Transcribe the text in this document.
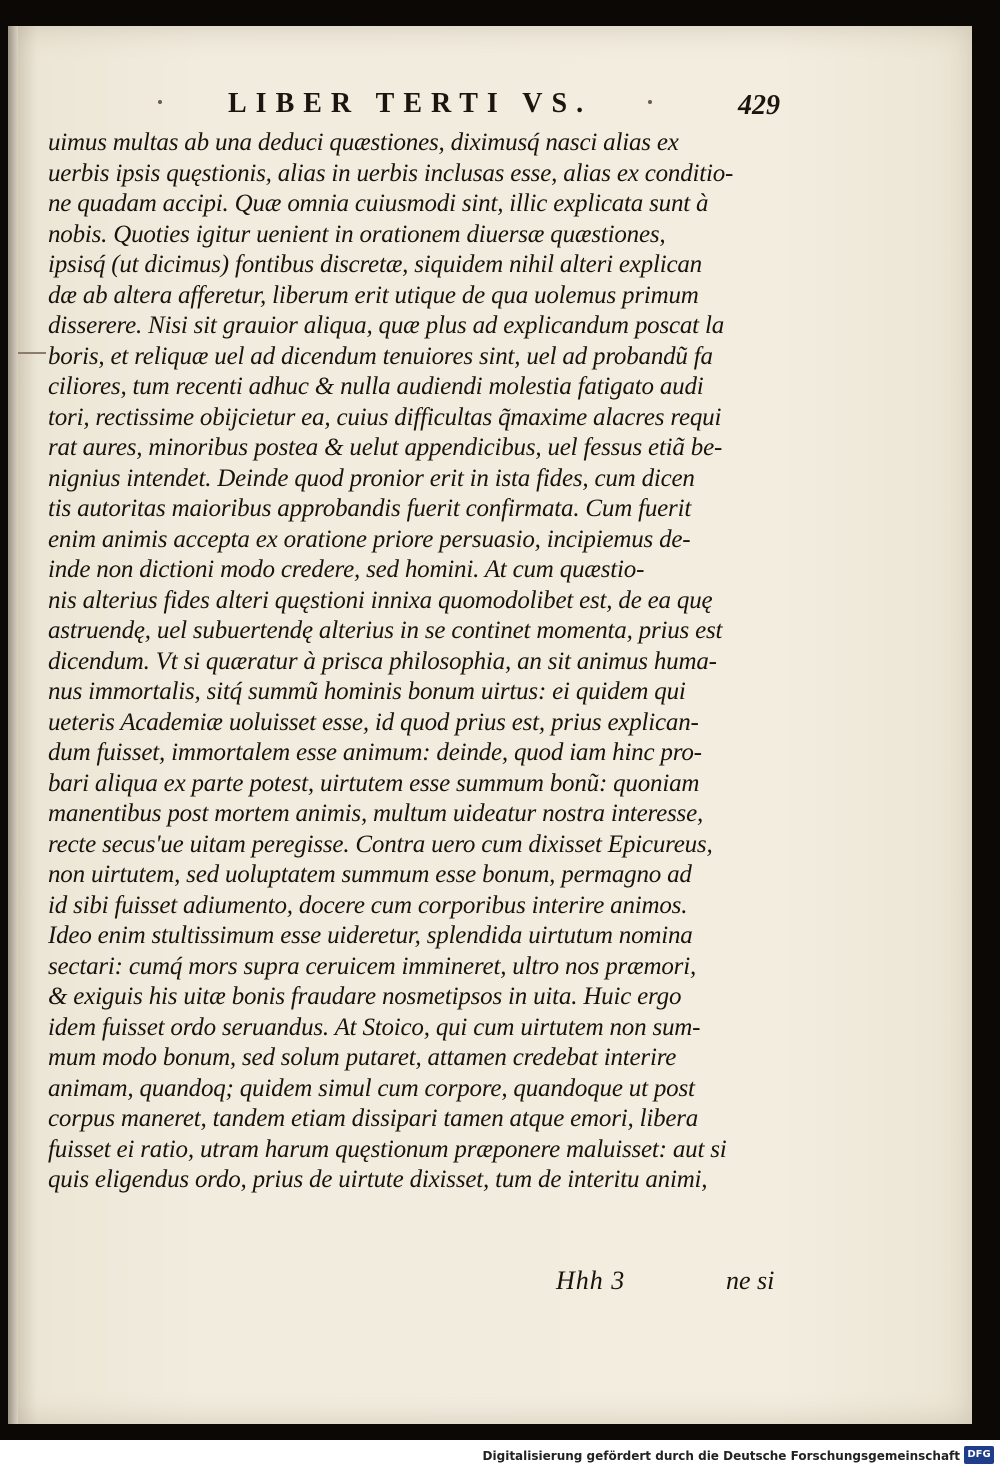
LIBER TERTI VS.	429
uimus multas ab una deduci quæstiones, diximusq́ nasci alias ex
uerbis ipsis quęstionis, alias in uerbis inclusas esse, alias ex conditio-
ne quadam accipi. Quæ omnia cuiusmodi sint, illic explicata sunt à
nobis. Quoties igitur uenient in orationem diuersæ quæstiones,
ipsisq́ (ut dicimus) fontibus discretæ, siquidem nihil alteri explican
dæ ab altera afferetur, liberum erit utique de qua uolemus primum
disserere. Nisi sit grauior aliqua, quæ plus ad explicandum poscat la
boris, et reliquæ uel ad dicendum tenuiores sint, uel ad probandũ fa
ciliores, tum recenti adhuc & nulla audiendi molestia fatigato audi
tori, rectissime obijcietur ea, cuius difficultas q̃maxime alacres requi
rat aures, minoribus postea & uelut appendicibus, uel fessus etiã be-
nignius intendet. Deinde quod pronior erit in ista fides, cum dicen
tis autoritas maioribus approbandis fuerit confirmata. Cum fuerit
enim animis accepta ex oratione priore persuasio, incipiemus de-
inde non dictioni modo credere, sed homini. At cum quæstio-
nis alterius fides alteri quęstioni innixa quomodolibet est, de ea quę
astruendę, uel subuertendę alterius in se continet momenta, prius est
dicendum. Vt si quæratur à prisca philosophia, an sit animus huma-
nus immortalis, sitq́ summũ hominis bonum uirtus: ei quidem qui
ueteris Academiæ uoluisset esse, id quod prius est, prius explican-
dum fuisset, immortalem esse animum: deinde, quod iam hinc pro-
bari aliqua ex parte potest, uirtutem esse summum bonũ: quoniam
manentibus post mortem animis, multum uideatur nostra interesse,
recte secus'ue uitam peregisse. Contra uero cum dixisset Epicureus,
non uirtutem, sed uoluptatem summum esse bonum, permagno ad
id sibi fuisset adiumento, docere cum corporibus interire animos.
Ideo enim stultissimum esse uideretur, splendida uirtutum nomina
sectari: cumq́ mors supra ceruicem immineret, ultro nos præmori,
& exiguis his uitæ bonis fraudare nosmetipsos in uita. Huic ergo
idem fuisset ordo seruandus. At Stoico, qui cum uirtutem non sum-
mum modo bonum, sed solum putaret, attamen credebat interire
animam, quandoq; quidem simul cum corpore, quandoque ut post
corpus maneret, tandem etiam dissipari tamen atque emori, libera
fuisset ei ratio, utram harum quęstionum præponere maluisset: aut si
quis eligendus ordo, prius de uirtute dixisset, tum de interitu animi,
Hhh 3	ne si
Digitalisierung gefördert durch die Deutsche Forschungsgemeinschaft DFG
